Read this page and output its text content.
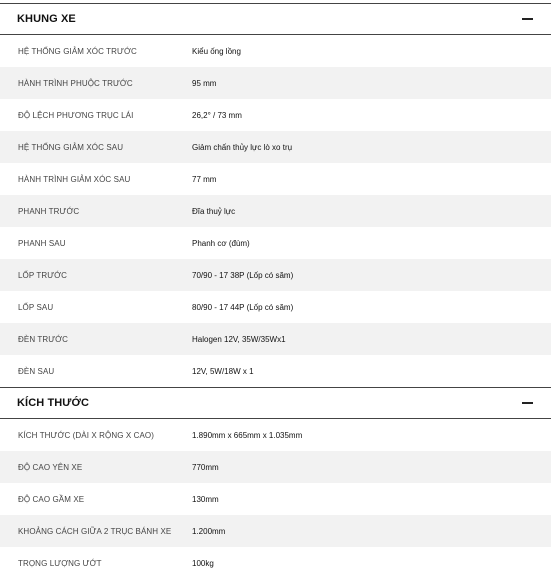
KHUNG XE
HỆ THỐNG GIẢM XÓC TRƯỚC	Kiểu ống lồng
HÀNH TRÌNH PHUỘC TRƯỚC	95 mm
ĐỘ LỆCH PHƯƠNG TRỤC LÁI	26,2° / 73 mm
HỆ THỐNG GIẢM XÓC SAU	Giảm chấn thủy lực lò xo trụ
HÀNH TRÌNH GIẢM XÓC SAU	77 mm
PHANH TRƯỚC	Đĩa thuỷ lực
PHANH SAU	Phanh cơ (đùm)
LỐP TRƯỚC	70/90 - 17 38P (Lốp có săm)
LỐP SAU	80/90 - 17 44P (Lốp có săm)
ĐÈN TRƯỚC	Halogen 12V, 35W/35Wx1
ĐÈN SAU	12V, 5W/18W x 1
KÍCH THƯỚC
KÍCH THƯỚC (DÀI X RỘNG X CAO)	1.890mm x 665mm x 1.035mm
ĐỘ CAO YÊN XE	770mm
ĐỘ CAO GẦM XE	130mm
KHOẢNG CÁCH GIỮA 2 TRỤC BÁNH XE	1.200mm
TRỌNG LƯỢNG ƯỚT	100kg
